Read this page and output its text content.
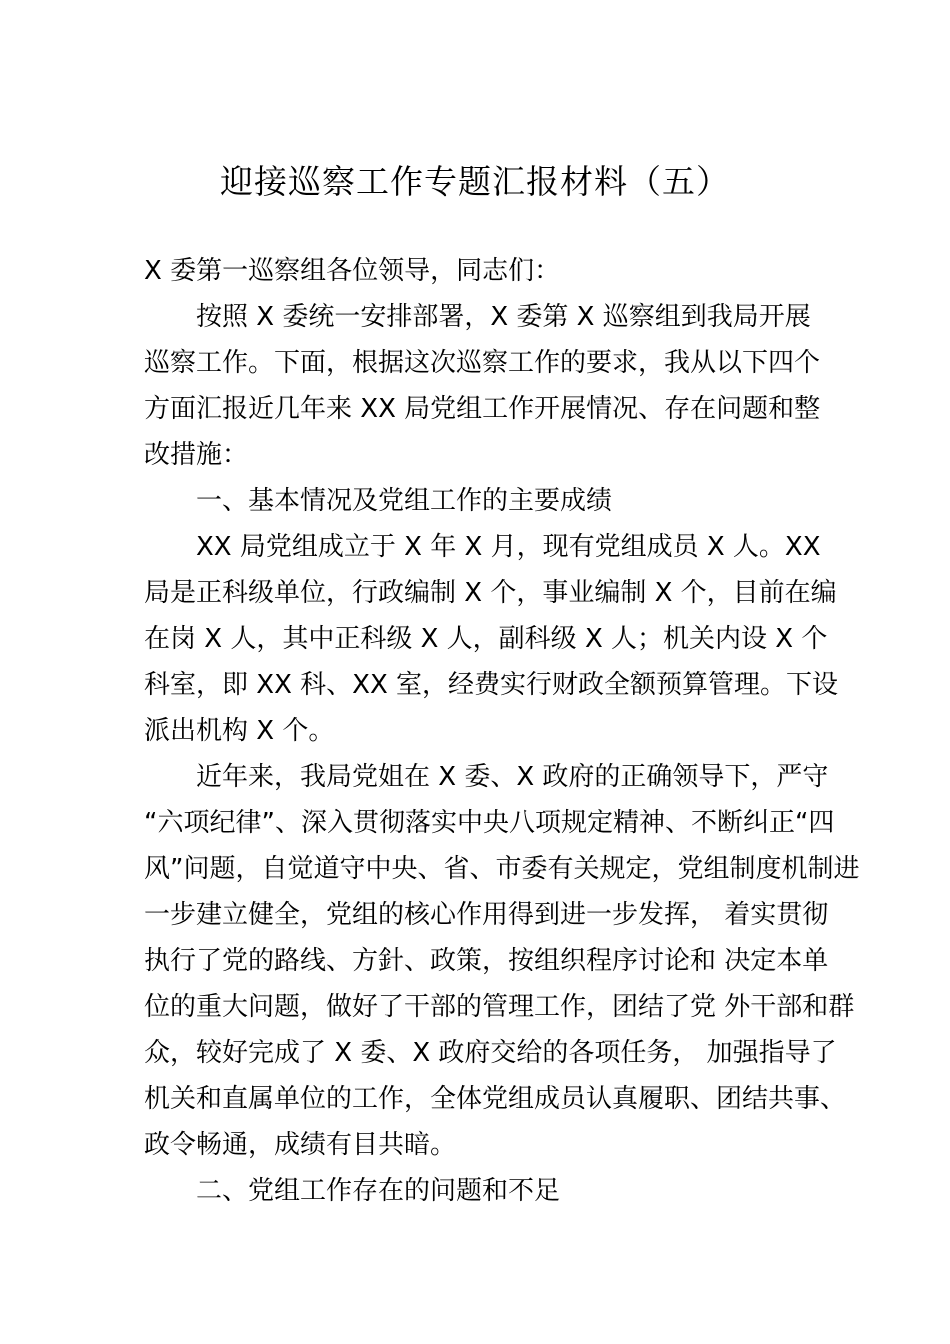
迎接巡察工作专题汇报材料（五）
X 委第一巡察组各位领导，同志们：
按照 X 委统一安排部署，X 委第 X 巡察组到我局开展
巡察工作。下面，根据这次巡察工作的要求，我从以下四个
方面汇报近几年来 XX 局党组工作开展情况、存在问题和整
改措施：
一、基本情况及党组工作的主要成绩
XX 局党组成立于 X 年 X 月，现有党组成员 X 人。XX
局是正科级单位，行政编制 X 个，事业编制 X 个，目前在编
在岗 X 人，其中正科级 X 人，副科级 X 人；机关内设 X 个
科室，即 XX 科、XX 室，经费实行财政全额预算管理。下设
派出机构 X 个。
近年来，我局党姐在 X 委、X 政府的正确领导下，严守
“六项纪律”、深入贯彻落实中央八项规定精神、不断纠正“四
风”问题，自觉道守中央、省、市委有关规定，党组制度机制进
一步建立健全，党组的核心作用得到进一步发挥， 着实贯彻
执行了党的路线、方針、政策，按组织程序讨论和 决定本单
位的重大问题，做好了干部的管理工作，团结了党 外干部和群
众，较好完成了 X 委、X 政府交给的各项任务， 加强指导了
机关和直属单位的工作，全体党组成员认真履职、团结共事、
政令畅通，成绩有目共暗。
二、党组工作存在的问题和不足
